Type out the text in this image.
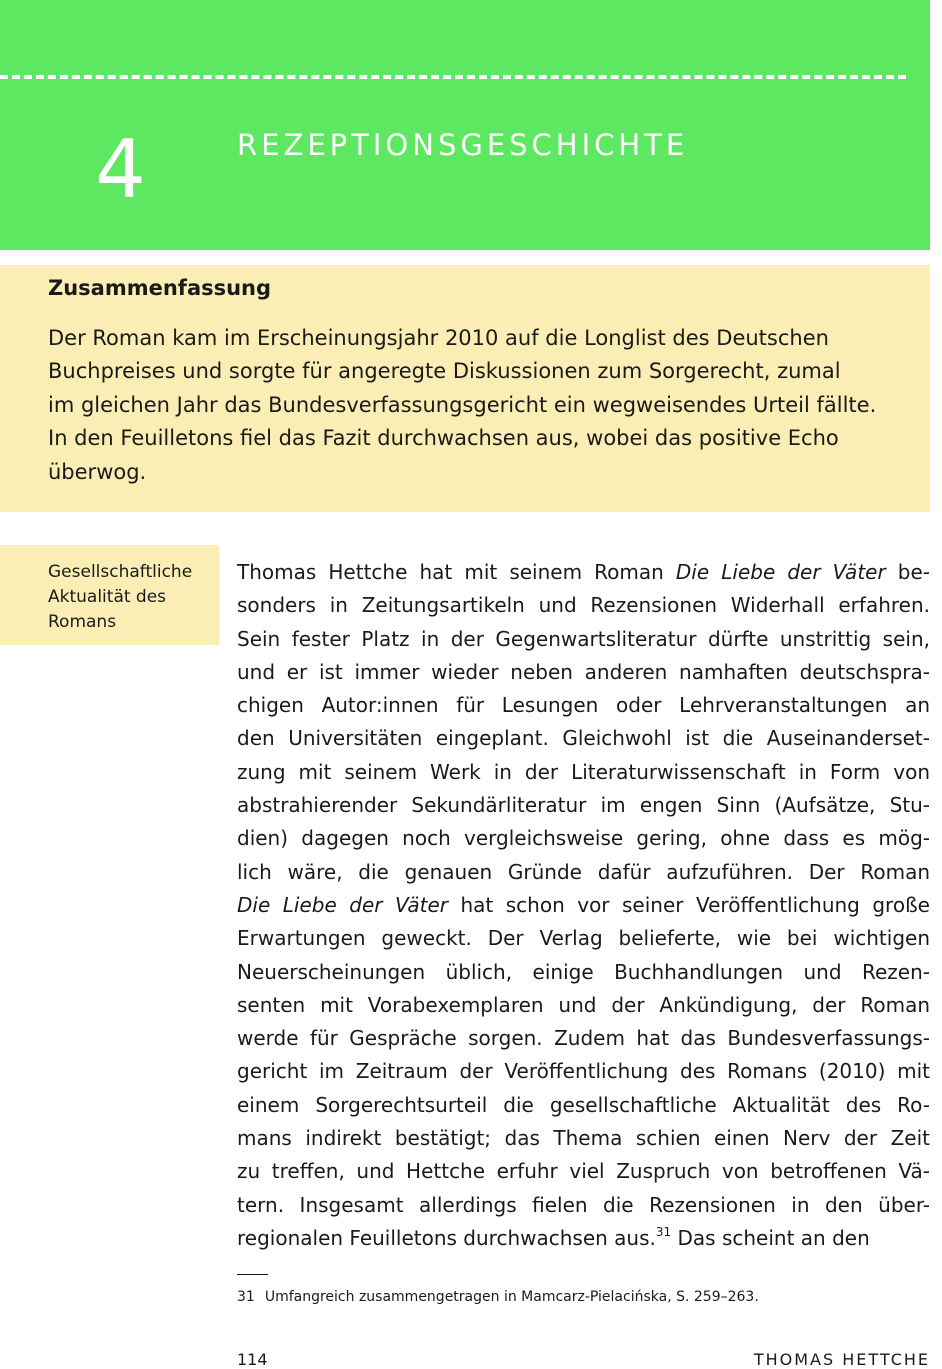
4	REZEPTIONSGESCHICHTE
Zusammenfassung
Der Roman kam im Erscheinungsjahr 2010 auf die Longlist des Deutschen
Buchpreises und sorgte für angeregte Diskussionen zum Sorgerecht, zumal
im gleichen Jahr das Bundesverfassungsgericht ein wegweisendes Urteil fällte.
In den Feuilletons fiel das Fazit durchwachsen aus, wobei das positive Echo
überwog.
Gesellschaftliche
Aktualität des
Romans
Thomas Hettche hat mit seinem Roman Die Liebe der Väter be-
sonders in Zeitungsartikeln und Rezensionen Widerhall erfahren.
Sein fester Platz in der Gegenwartsliteratur dürfte unstrittig sein,
und er ist immer wieder neben anderen namhaften deutschspra-
chigen Autor:innen für Lesungen oder Lehrveranstaltungen an
den Universitäten eingeplant. Gleichwohl ist die Auseinanderset-
zung mit seinem Werk in der Literaturwissenschaft in Form von
abstrahierender Sekundärliteratur im engen Sinn (Aufsätze, Stu-
dien) dagegen noch vergleichsweise gering, ohne dass es mög-
lich wäre, die genauen Gründe dafür aufzuführen. Der Roman
Die Liebe der Väter hat schon vor seiner Veröffentlichung große
Erwartungen geweckt. Der Verlag belieferte, wie bei wichtigen
Neuerscheinungen üblich, einige Buchhandlungen und Rezen-
senten mit Vorabexemplaren und der Ankündigung, der Roman
werde für Gespräche sorgen. Zudem hat das Bundesverfassungs-
gericht im Zeitraum der Veröffentlichung des Romans (2010) mit
einem Sorgerechtsurteil die gesellschaftliche Aktualität des Ro-
mans indirekt bestätigt; das Thema schien einen Nerv der Zeit
zu treffen, und Hettche erfuhr viel Zuspruch von betroffenen Vä-
tern. Insgesamt allerdings fielen die Rezensionen in den über-
regionalen Feuilletons durchwachsen aus.$^{31}$ Das scheint an den
31 Umfangreich zusammengetragen in Mamcarz-Pielacińska, S. 259–263.
114	THOMAS HETTCHE
